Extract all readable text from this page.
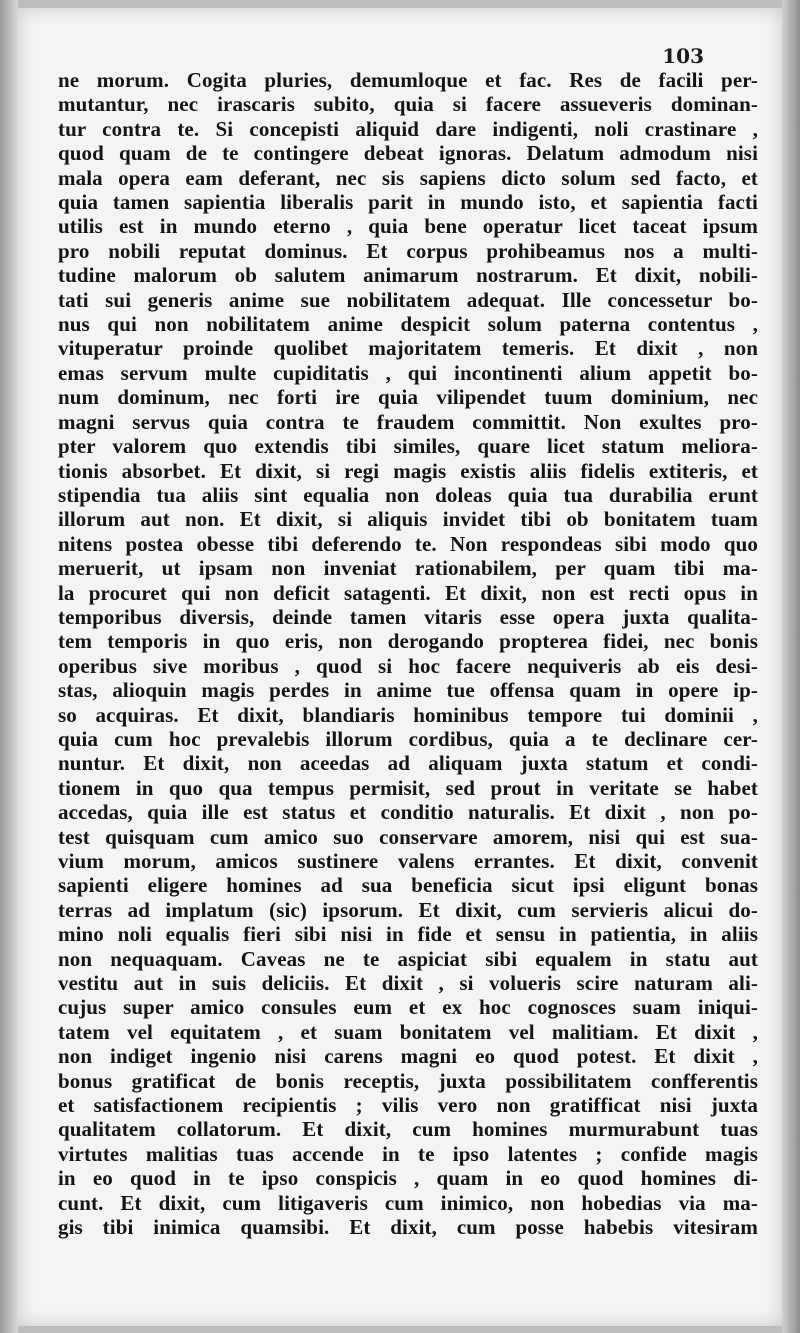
103
ne morum. Cogita pluries, demumloque et fac. Res de facili per-
mutantur, nec irascaris subito, quia si facere assueveris dominan-
tur contra te. Si concepisti aliquid dare indigenti, noli crastinare ,
quod quam de te contingere debeat ignoras. Delatum admodum nisi
mala opera eam deferant, nec sis sapiens dicto solum sed facto, et
quia tamen sapientia liberalis parit in mundo isto, et sapientia facti
utilis est in mundo eterno , quia bene operatur licet taceat ipsum
pro nobili reputat dominus. Et corpus prohibeamus nos a multi-
tudine malorum ob salutem animarum nostrarum. Et dixit, nobili-
tati sui generis anime sue nobilitatem adequat. Ille concessetur bo-
nus qui non nobilitatem anime despicit solum paterna contentus ,
vituperatur proinde quolibet majoritatem temeris. Et dixit , non
emas servum multe cupiditatis , qui incontinenti alium appetit bo-
num dominum, nec forti ire quia vilipendet tuum dominium, nec
magni servus quia contra te fraudem committit. Non exultes pro-
pter valorem quo extendis tibi similes, quare licet statum meliora-
tionis absorbet. Et dixit, si regi magis existis aliis fidelis extiteris, et
stipendia tua aliis sint equalia non doleas quia tua durabilia erunt
illorum aut non. Et dixit, si aliquis invidet tibi ob bonitatem tuam
nitens postea obesse tibi deferendo te. Non respondeas sibi modo quo
meruerit, ut ipsam non inveniat rationabilem, per quam tibi ma-
la procuret qui non deficit satagenti. Et dixit, non est recti opus in
temporibus diversis, deinde tamen vitaris esse opera juxta qualita-
tem temporis in quo eris, non derogando propterea fidei, nec bonis
operibus sive moribus , quod si hoc facere nequiveris ab eis desi-
stas, alioquin magis perdes in anime tue offensa quam in opere ip-
so acquiras. Et dixit, blandiaris hominibus tempore tui dominii ,
quia cum hoc prevalebis illorum cordibus, quia a te declinare cer-
nuntur. Et dixit, non aceedas ad aliquam juxta statum et condi-
tionem in quo qua tempus permisit, sed prout in veritate se habet
accedas, quia ille est status et conditio naturalis. Et dixit , non po-
test quisquam cum amico suo conservare amorem, nisi qui est sua-
vium morum, amicos sustinere valens errantes. Et dixit, convenit
sapienti eligere homines ad sua beneficia sicut ipsi eligunt bonas
terras ad implatum (sic) ipsorum. Et dixit, cum servieris alicui do-
mino noli equalis fieri sibi nisi in fide et sensu in patientia, in aliis
non nequaquam. Caveas ne te aspiciat sibi equalem in statu aut
vestitu aut in suis deliciis. Et dixit , si volueris scire naturam ali-
cujus super amico consules eum et ex hoc cognosces suam iniqui-
tatem vel equitatem , et suam bonitatem vel malitiam. Et dixit ,
non indiget ingenio nisi carens magni eo quod potest. Et dixit ,
bonus gratificat de bonis receptis, juxta possibilitatem confferentis
et satisfactionem recipientis ; vilis vero non gratifficat nisi juxta
qualitatem collatorum. Et dixit, cum homines murmurabunt tuas
virtutes malitias tuas accende in te ipso latentes ; confide magis
in eo quod in te ipso conspicis , quam in eo quod homines di-
cunt. Et dixit, cum litigaveris cum inimico, non hobedias via ma-
gis tibi inimica quamsibi. Et dixit, cum posse habebis vitesiram
